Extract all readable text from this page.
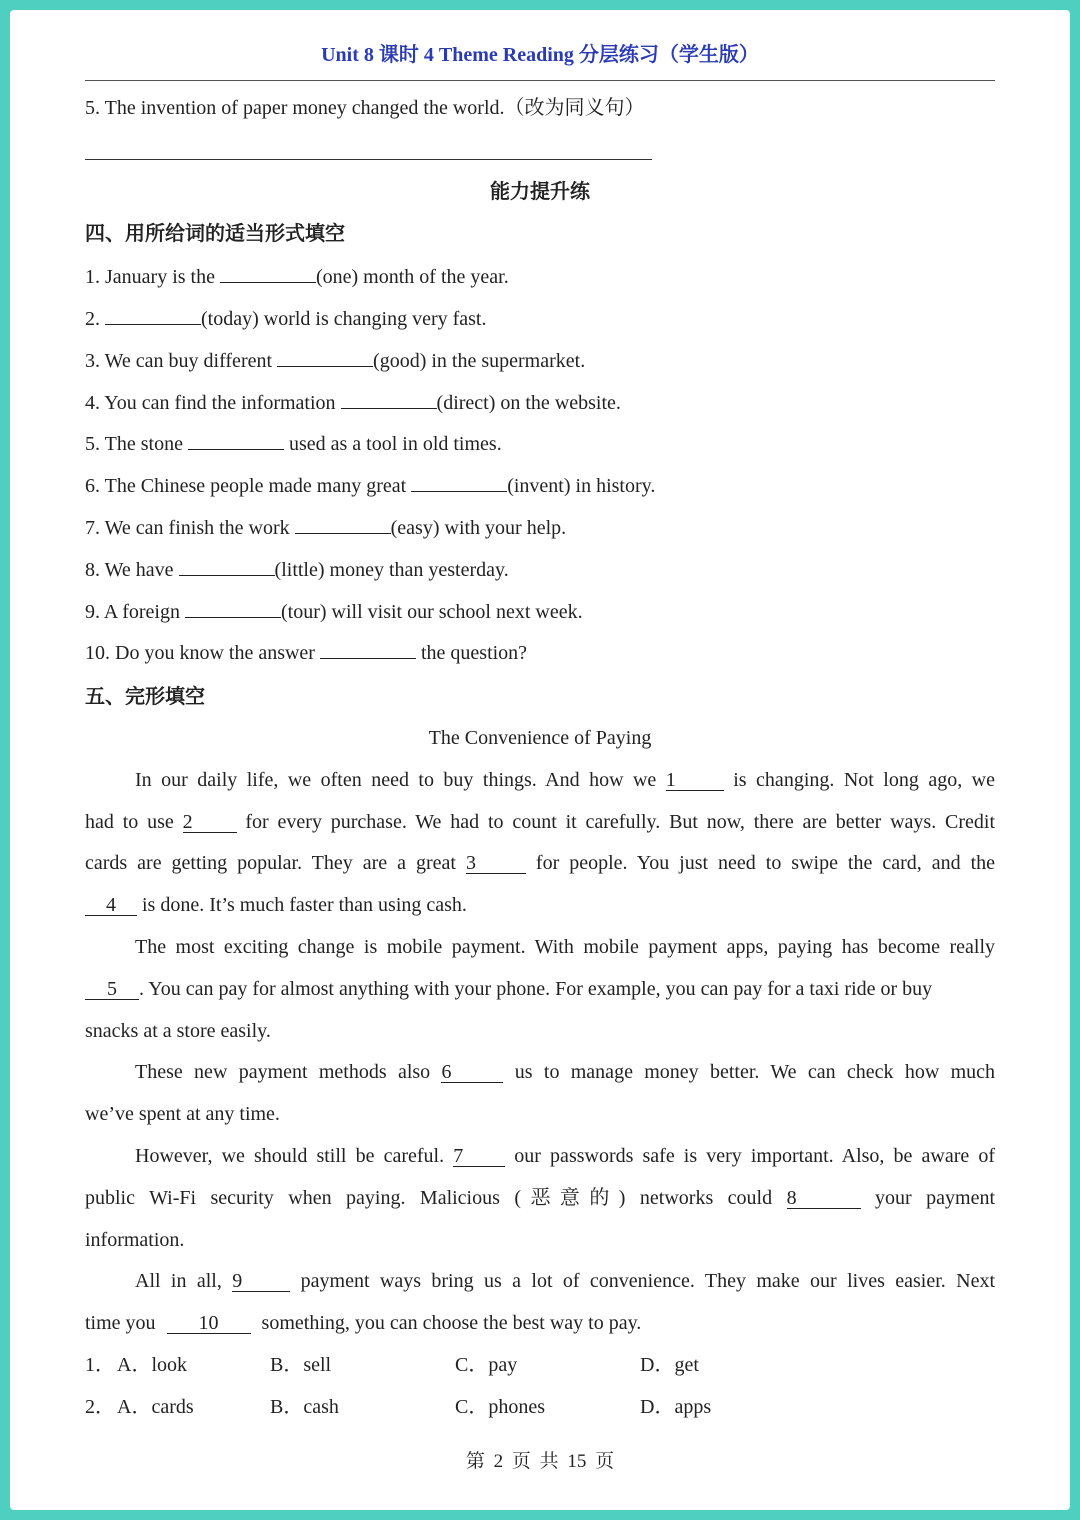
Unit 8 课时 4 Theme Reading 分层练习（学生版）
5. The invention of paper money changed the world.（改为同义句）
能力提升练
四、用所给词的适当形式填空
1. January is the	(one) month of the year.
2.	(today) world is changing very fast.
3. We can buy different	(good) in the supermarket.
4. You can find the information	(direct) on the website.
5. The stone	used as a tool in old times.
6. The Chinese people made many great	(invent) in history.
7. We can finish the work	(easy) with your help.
8. We have	(little) money than yesterday.
9. A foreign	(tour) will visit our school next week.
10. Do you know the answer	the question?
五、完形填空
The Convenience of Paying
In our daily life, we often need to buy things. And how we 1	is changing. Not long ago, we
had to use 2	for every purchase. We had to count it carefully. But now, there are better ways. Credit
cards are getting popular. They are a great 3	for people. You just need to swipe the card, and the
4 is done. It’s much faster than using cash.
The most exciting change is mobile payment. With mobile payment apps, paying has become really
5 . You can pay for almost anything with your phone. For example, you can pay for a taxi ride or buy
snacks at a store easily.
These new payment methods also 6	us to manage money better. We can check how much
we’ve spent at any time.
However, we should still be careful. 7	our passwords safe is very important. Also, be aware of
public Wi-Fi security when paying. Malicious (恶意的) networks could 8	your payment
information.
All in all, 9	payment ways bring us a lot of convenience. They make our lives easier. Next
time you 10 something, you can choose the best way to pay.
1． A．look	B．sell	C．pay	D．get
2． A．cards	B．cash	C．phones	D．apps
第 2 页 共 15 页
